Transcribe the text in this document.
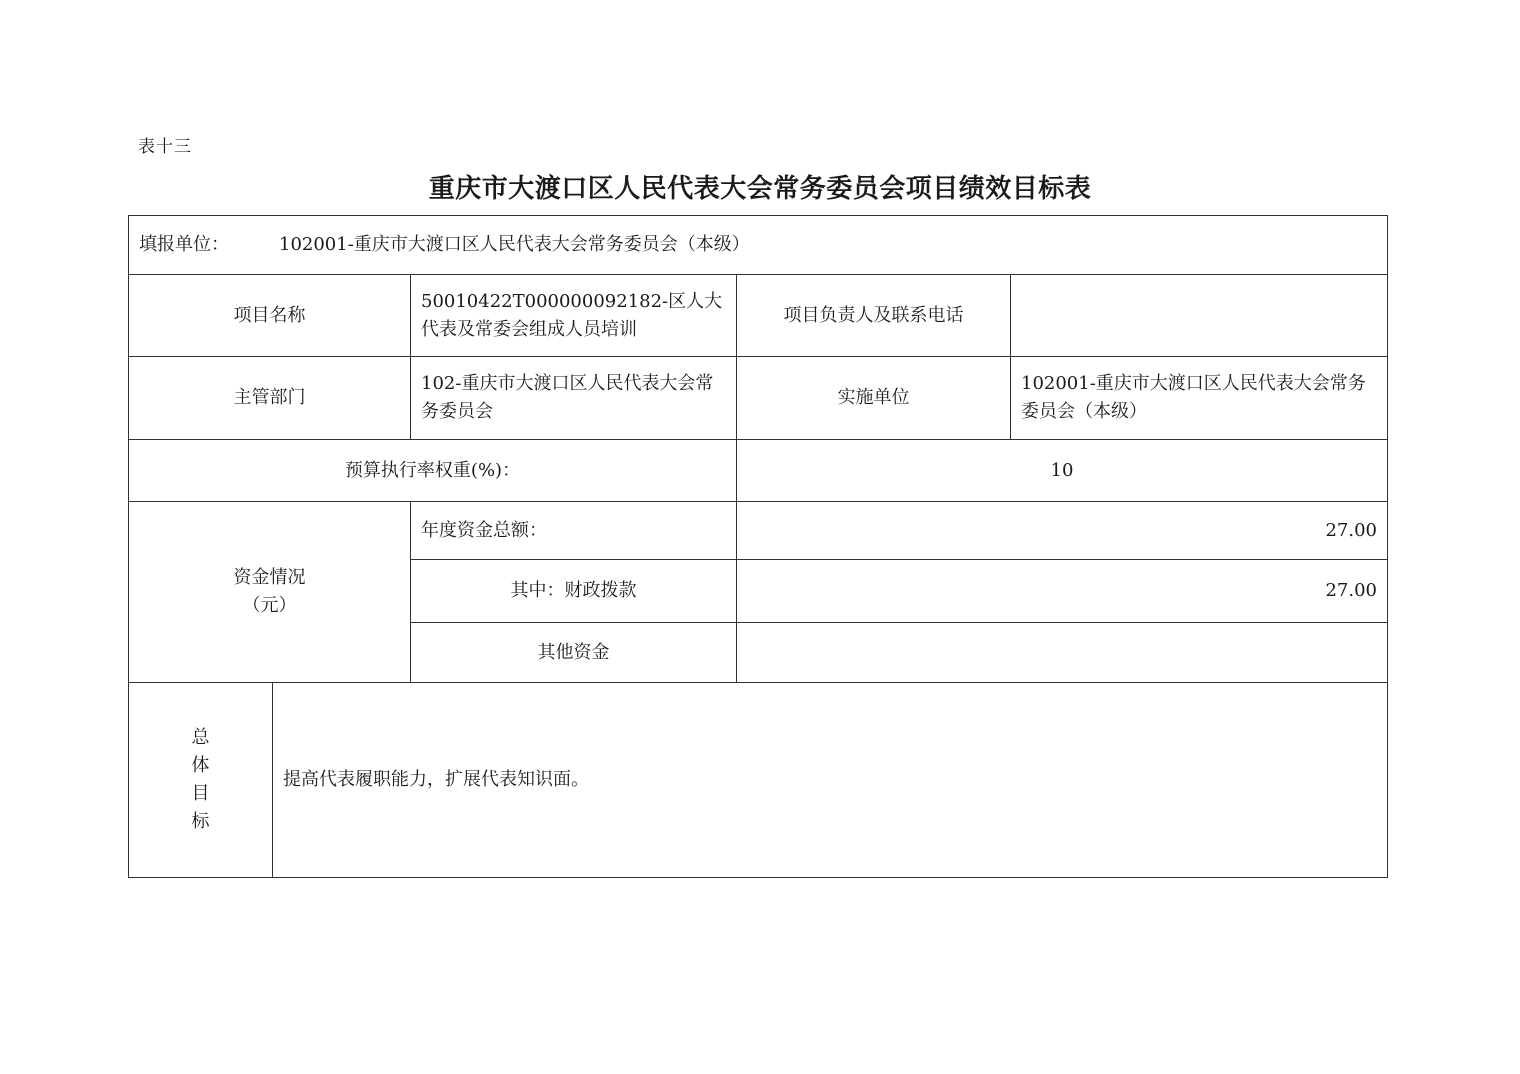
表十三
重庆市大渡口区人民代表大会常务委员会项目绩效目标表
填报单位： 102001-重庆市大渡口区人民代表大会常务委员会（本级）				
项目名称		50010422T000000092182-区人大代表及常委会组成人员培训	项目负责人及联系电话	
主管部门		102-重庆市大渡口区人民代表大会常务委员会	实施单位	102001-重庆市大渡口区人民代表大会常务委员会（本级）
预算执行率权重(%)：			10	

资金情况
（元）		年度资金总额：	27.00	
		其中：财政拨款	27.00	
		其他资金		

总
体
目
标	提高代表履职能力，扩展代表知识面。			
